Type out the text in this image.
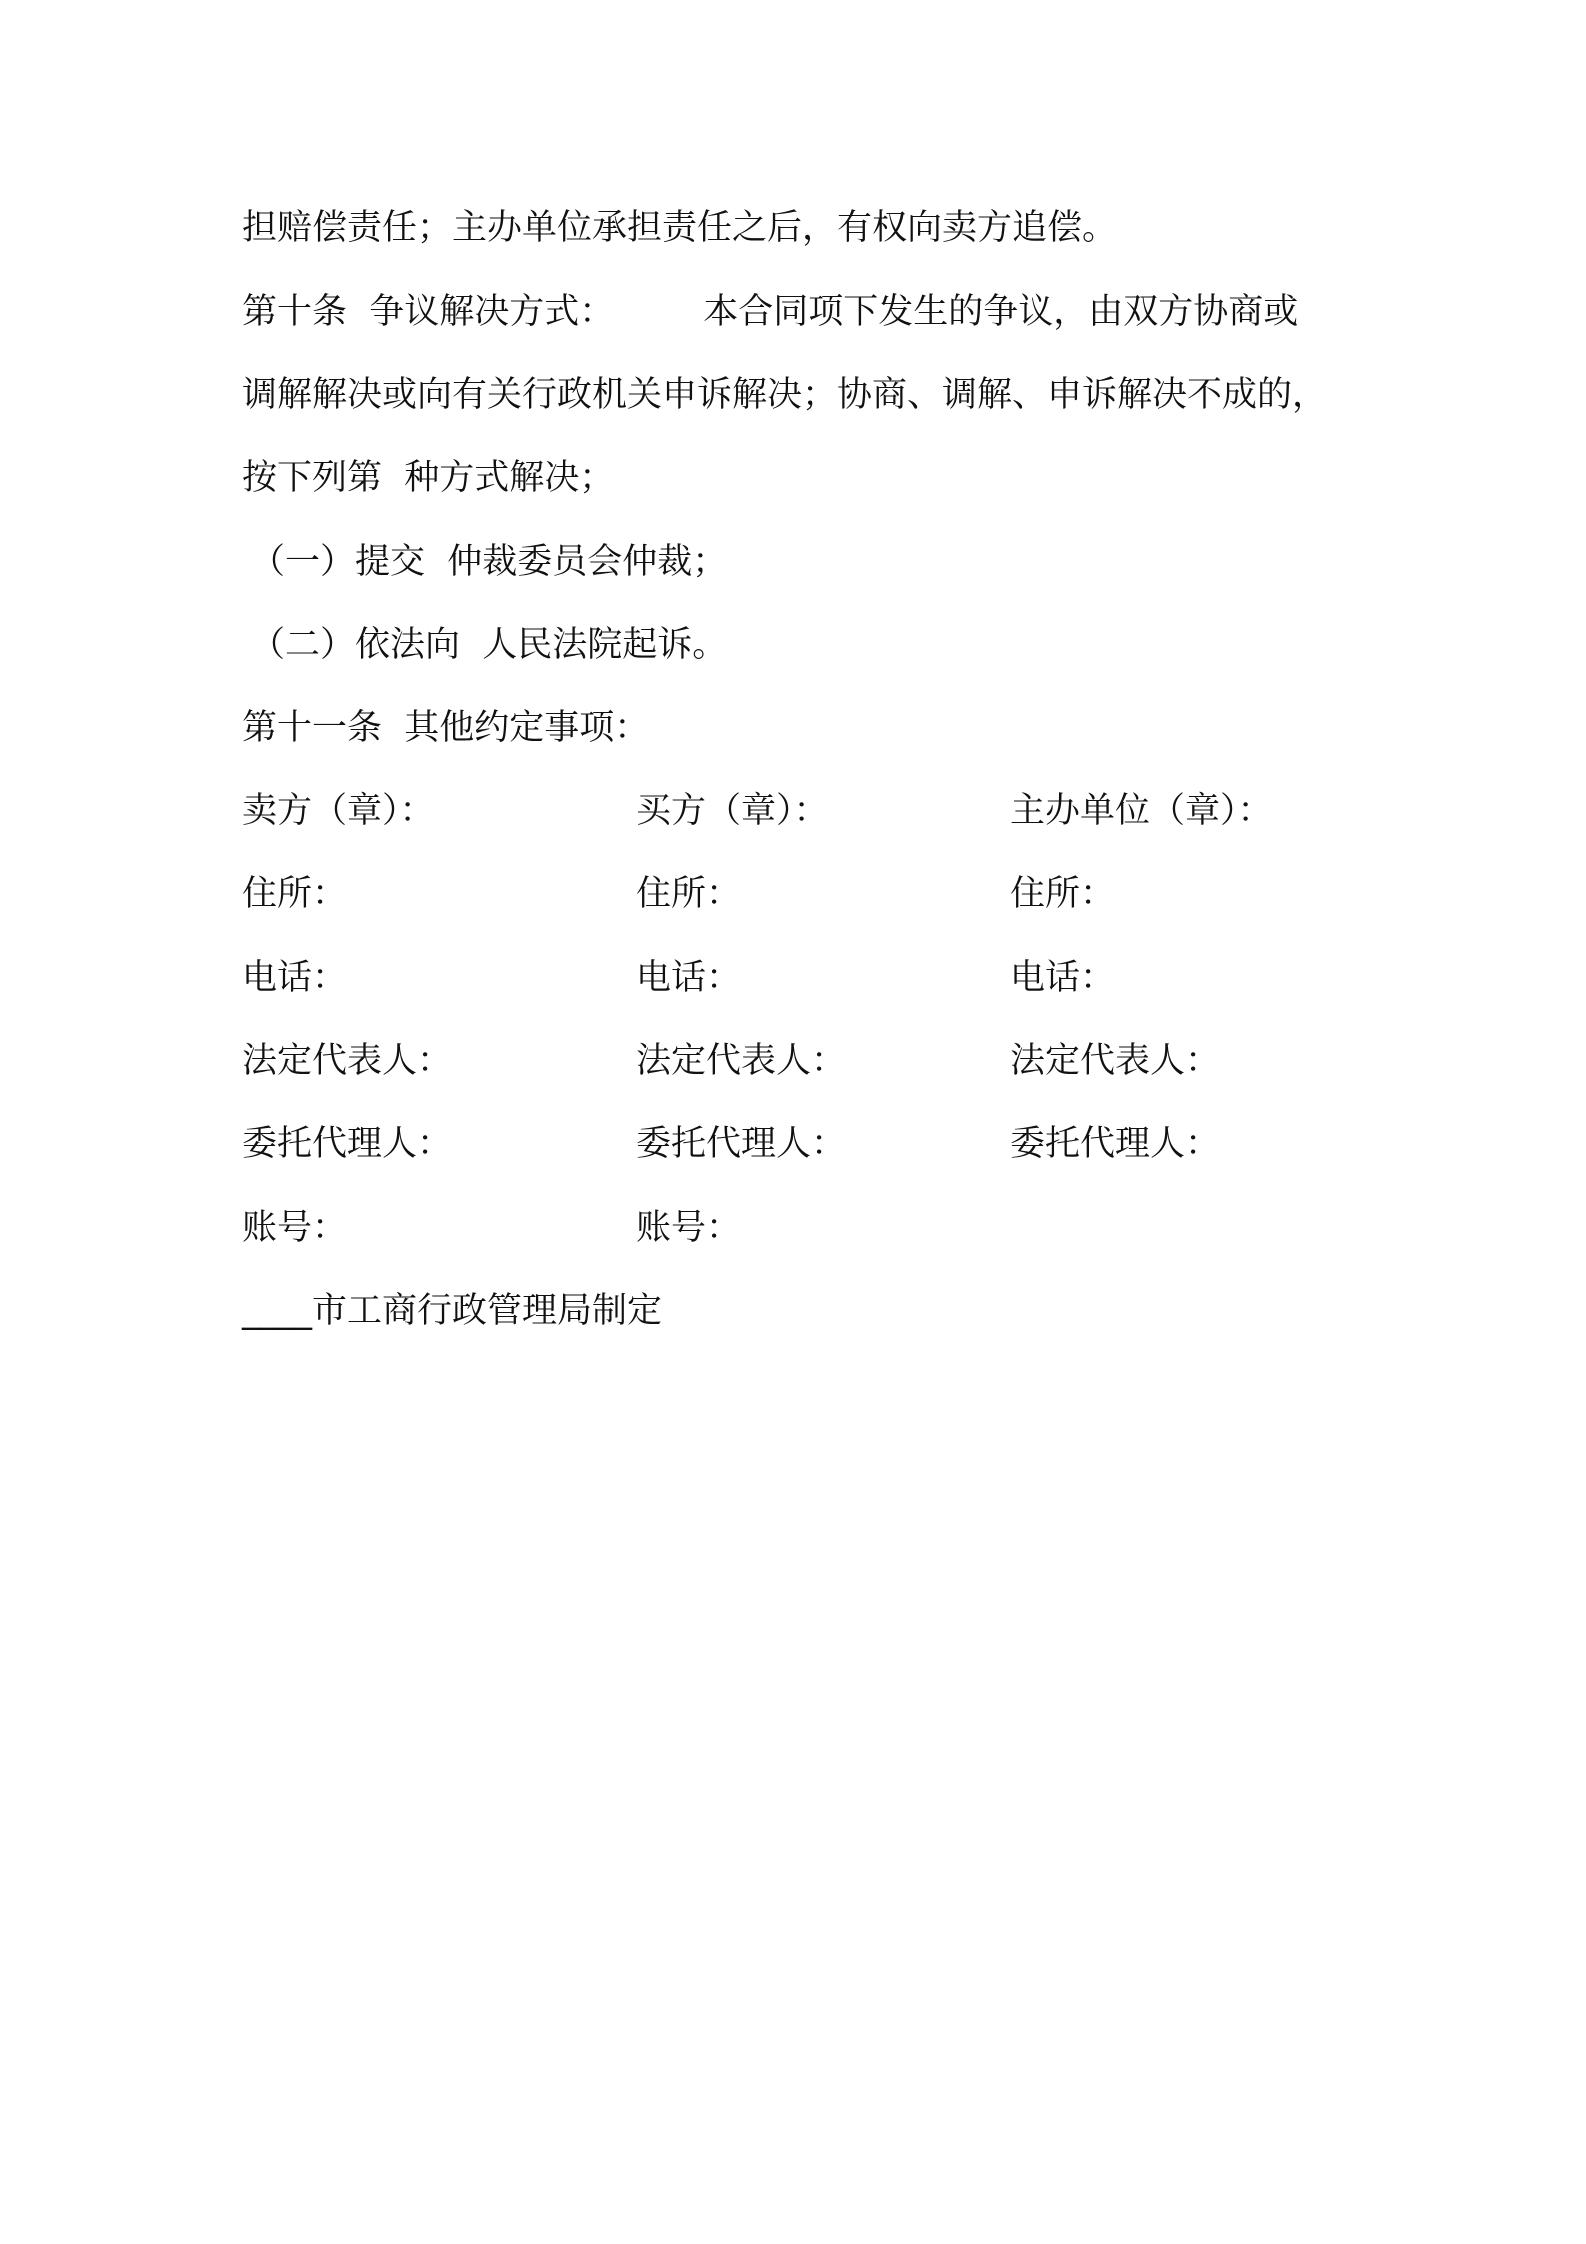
担赔偿责任；主办单位承担责任之后，有权向卖方追偿。
第十条  争议解决方式：        本合同项下发生的争议，由双方协商或
调解解决或向有关行政机关申诉解决；协商、调解、申诉解决不成的，
按下列第  种方式解决；
（一）提交  仲裁委员会仲裁；
（二）依法向  人民法院起诉。
第十一条  其他约定事项：
卖方（章）：	买方（章）：	主办单位（章）：
住所：	住所：	住所：
电话：	电话：	电话：
法定代表人：	法定代表人：	法定代表人：
委托代理人：	委托代理人：	委托代理人：
账号：	账号：
____市工商行政管理局制定
